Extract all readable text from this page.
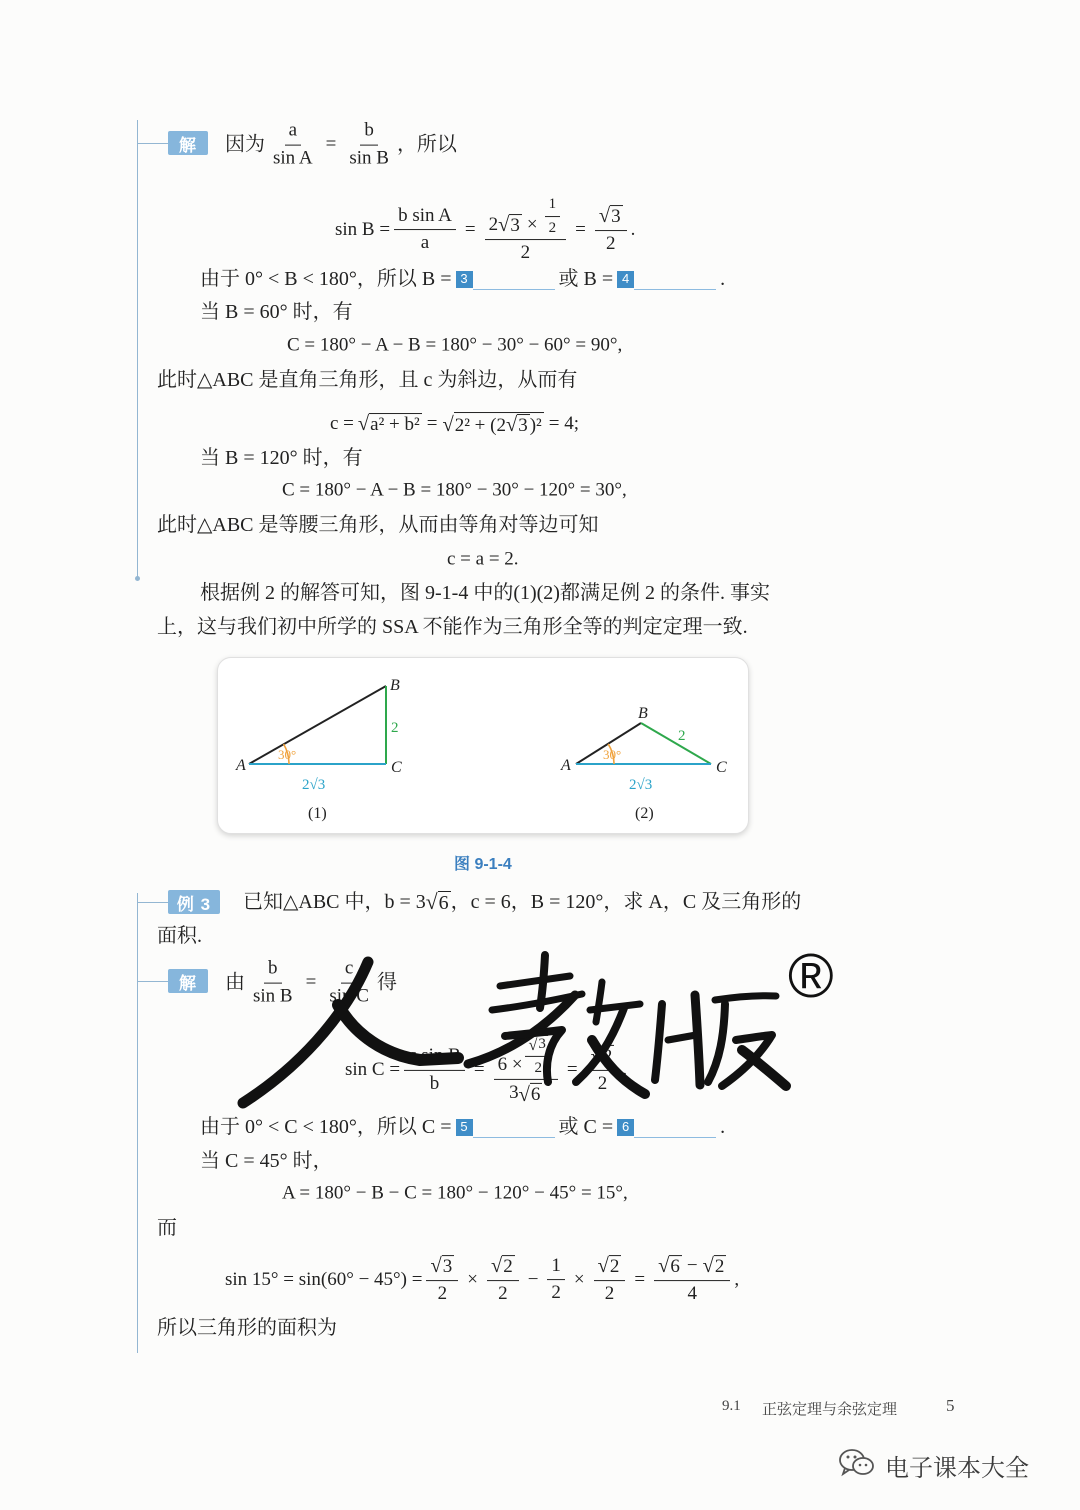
解	因为 $\frac{a}{\text{sin A}} = \frac{b}{\text{sin B}}$ ，所以
$\sin B = \frac{\text{b sin A}}{a} = \frac{2 √ 3 \times \frac{1}{2}}{2} = \frac{√ 3}{2}$ .
由于 0° < B < 180°，所以 B = 3	或 B = 4	.
当 B = 60° 时，有
C = 180° − A − B = 180° − 30° − 60° = 90°,
此时△ABC 是直角三角形，且 c 为斜边，从而有
c = √ a² + b² = √ 2² + (2 √ 3 )² = 4;
当 B = 120° 时，有
C = 180° − A − B = 180° − 30° − 120° = 30°,
此时△ABC 是等腰三角形，从而由等角对等边可知
c = a = 2.
根据例 2 的解答可知，图 9-1-4 中的(1)(2)都满足例 2 的条件. 事实
上，这与我们初中所学的 SSA 不能作为三角形全等的判定定理一致.
A
B
C
2
2√3
30°
(1)
A
B
C
2
2√3
30°
(2)
图 9-1-4
例 3	已知△ABC 中，b = 3 √ 6 ，c = 6，B = 120°，求 A，C 及三角形的
面积.
解	由 $\frac{b}{\text{sin B}} = \frac{c}{\text{sin C}}$ 得
$\sin C = \frac{\text{c sin B}}{b} = \frac{6 \times \frac{√ 3}{2}}{3 √ 6} = \frac{√ 2}{2}$ .
由于 0° < C < 180°，所以 C = 5	或 C = 6	.
当 C = 45° 时，
A = 180° − B − C = 180° − 120° − 45° = 15°,
而
$\sin 15^\circ = \sin(60^\circ - 45^\circ) = \frac{√ 3}{2} \times \frac{√ 2}{2} - \frac{1}{2} \times \frac{√ 2}{2} = \frac{√ 6 - √ 2}{4}$ ,
所以三角形的面积为
®
9.1 正弦定理与余弦定理	5
电子课本大全
